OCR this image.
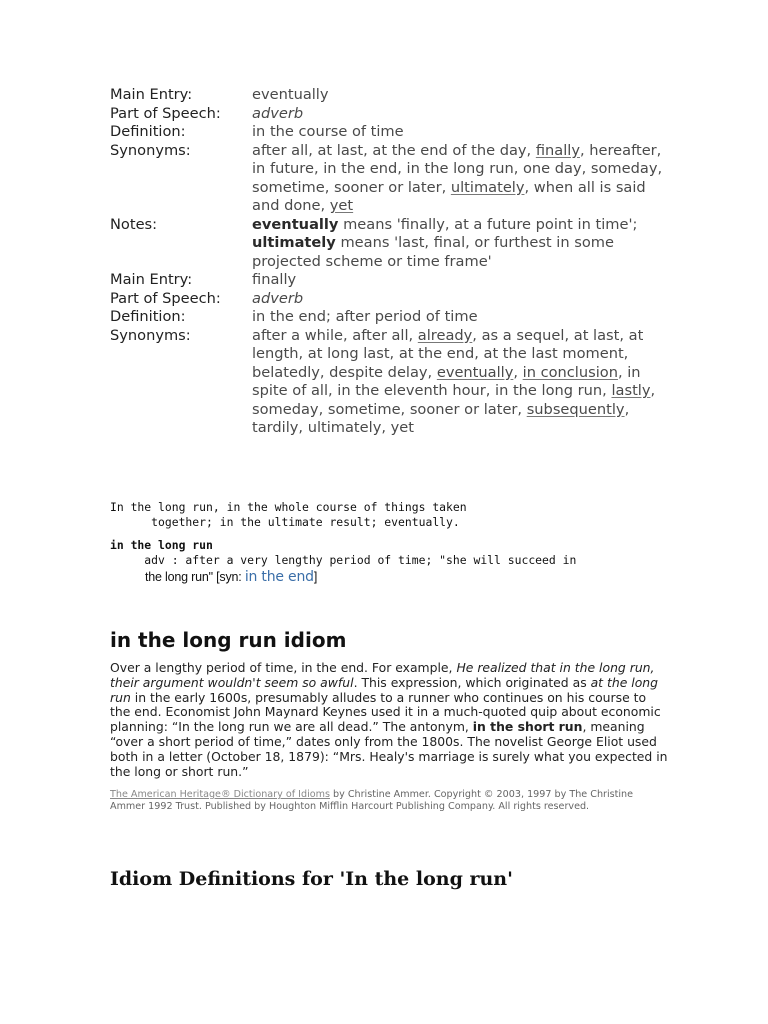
Main Entry:	eventually
Part of Speech:	adverb
Definition:	in the course of time
Synonyms:	after all, at last, at the end of the day, finally, hereafter, in future, in the end, in the long run, one day, someday, sometime, sooner or later, ultimately, when all is said and done, yet
Notes:	eventually means 'finally, at a future point in time'; ultimately means 'last, final, or furthest in some projected scheme or time frame'
Main Entry:	finally
Part of Speech:	adverb
Definition:	in the end; after period of time
Synonyms:	after a while, after all, already, as a sequel, at last, at length, at long last, at the end, at the last moment, belatedly, despite delay, eventually, in conclusion, in spite of all, in the eleventh hour, in the long run, lastly, someday, sometime, sooner or later, subsequently, tardily, ultimately, yet
In the long run, in the whole course of things taken
together; in the ultimate result; eventually.
in the long run
adv : after a very lengthy period of time; "she will succeed in
the long run" [syn: in the end]
in the long run idiom

Over a lengthy period of time, in the end. For example, He realized that in the long run, their argument wouldn't seem so awful. This expression, which originated as at the long run in the early 1600s, presumably alludes to a runner who continues on his course to the end. Economist John Maynard Keynes used it in a much-quoted quip about economic planning: “In the long run we are all dead.” The antonym, in the short run, meaning “over a short period of time,” dates only from the 1800s. The novelist George Eliot used both in a letter (October 18, 1879): “Mrs. Healy's marriage is surely what you expected in the long or short run.”

The American Heritage® Dictionary of Idioms by Christine Ammer. Copyright © 2003, 1997 by The Christine Ammer 1992 Trust. Published by Houghton Mifflin Harcourt Publishing Company. All rights reserved.

Idiom Definitions for 'In the long run'
